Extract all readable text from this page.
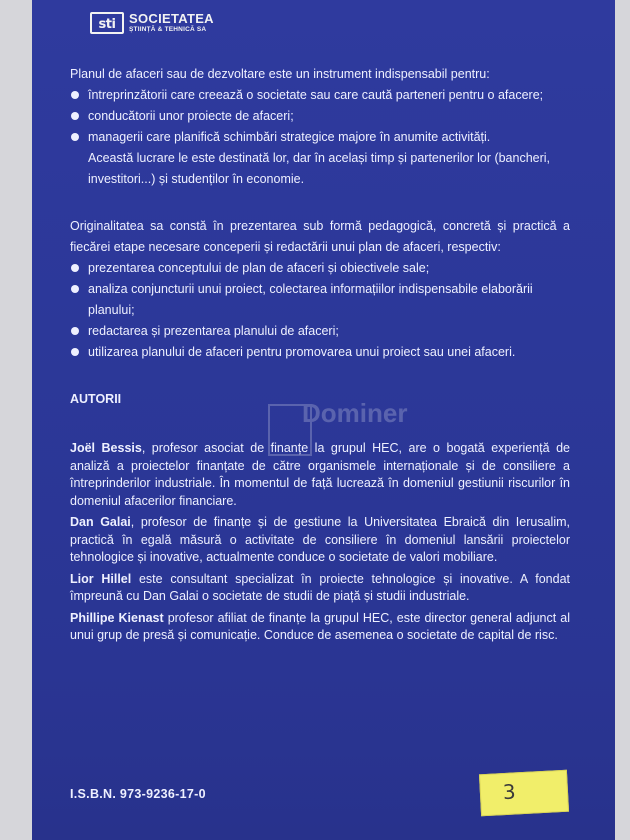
sti	SOCIETATEA
ȘTIINȚĂ & TEHNICĂ SA
Dominer

Planul de afaceri sau de dezvoltare este un instrument indispensabil pentru:

întreprinzătorii care creează o societate sau care caută parteneri pentru o afacere;
conducătorii unor proiecte de afaceri;
managerii care planifică schimbări strategice majore în anumite activități.

Această lucrare le este destinată lor, dar în același timp și partenerilor lor (bancheri, investitori...) și studenților în economie.

Originalitatea sa constă în prezentarea sub formă pedagogică, concretă și practică a fiecărei etape necesare conceperii și redactării unui plan de afaceri, respectiv:

prezentarea conceptului de plan de afaceri și obiectivele sale;
analiza conjuncturii unui proiect, colectarea informațiilor indispensabile elaborării planului;
redactarea și prezentarea planului de afaceri;
utilizarea planului de afaceri pentru promovarea unui proiect sau unei afaceri.

AUTORII

Joël Bessis, profesor asociat de finanțe la grupul HEC, are o bogată experiență de analiză a proiectelor finanțate de către organismele internaționale și de consiliere a întreprinderilor industriale. În momentul de față lucrează în domeniul gestiunii riscurilor în domeniul afacerilor financiare.

Dan Galai, profesor de finanțe și de gestiune la Universitatea Ebraică din Ierusalim, practică în egală măsură o activitate de consiliere în domeniul lansării proiectelor tehnologice și inovative, actualmente conduce o societate de valori mobiliare.

Lior Hillel este consultant specializat în proiecte tehnologice și inovative. A fondat împreună cu Dan Galai o societate de studii de piață și studii industriale.

Phillipe Kienast profesor afiliat de finanțe la grupul HEC, este director general adjunct al unui grup de presă și comunicație. Conduce de asemenea o societate de capital de risc.

I.S.B.N. 973-9236-17-0	3
